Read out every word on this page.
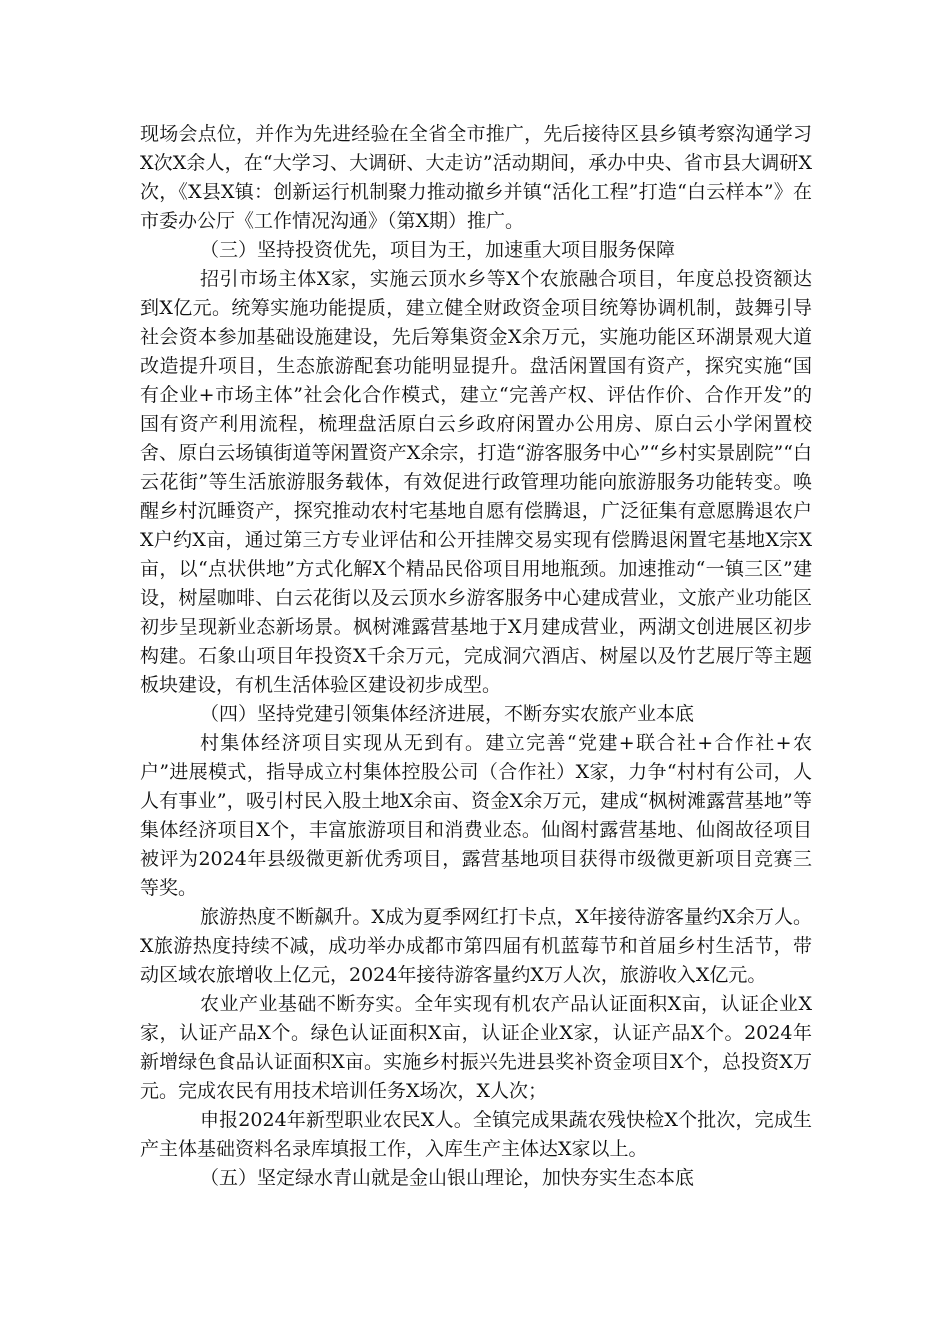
现场会点位，并作为先进经验在全省全市推广，先后接待区县乡镇考察沟通学习X次X余人，在“大学习、大调研、大走访”活动期间，承办中央、省市县大调研X次，《X县X镇：创新运行机制聚力推动撤乡并镇“活化工程”打造“白云样本”》在市委办公厅《工作情况沟通》（第X期）推广。

（三）坚持投资优先，项目为王，加速重大项目服务保障

招引市场主体X家，实施云顶水乡等X个农旅融合项目，年度总投资额达到X亿元。统筹实施功能提质，建立健全财政资金项目统筹协调机制，鼓舞引导社会资本参加基础设施建设，先后筹集资金X余万元，实施功能区环湖景观大道改造提升项目，生态旅游配套功能明显提升。盘活闲置国有资产，探究实施“国有企业+市场主体”社会化合作模式，建立“完善产权、评估作价、合作开发”的国有资产利用流程，梳理盘活原白云乡政府闲置办公用房、原白云小学闲置校舍、原白云场镇街道等闲置资产X余宗，打造“游客服务中心”“乡村实景剧院”“白云花街”等生活旅游服务载体，有效促进行政管理功能向旅游服务功能转变。唤醒乡村沉睡资产，探究推动农村宅基地自愿有偿腾退，广泛征集有意愿腾退农户X户约X亩，通过第三方专业评估和公开挂牌交易实现有偿腾退闲置宅基地X宗X亩，以“点状供地”方式化解X个精品民俗项目用地瓶颈。加速推动“一镇三区”建设，树屋咖啡、白云花街以及云顶水乡游客服务中心建成营业，文旅产业功能区初步呈现新业态新场景。枫树滩露营基地于X月建成营业，两湖文创进展区初步构建。石象山项目年投资X千余万元，完成洞穴酒店、树屋以及竹艺展厅等主题板块建设，有机生活体验区建设初步成型。

（四）坚持党建引领集体经济进展，不断夯实农旅产业本底

村集体经济项目实现从无到有。建立完善“党建+联合社+合作社+农户”进展模式，指导成立村集体控股公司（合作社）X家，力争“村村有公司，人人有事业”，吸引村民入股土地X余亩、资金X余万元，建成“枫树滩露营基地”等集体经济项目X个，丰富旅游项目和消费业态。仙阁村露营基地、仙阁故径项目被评为2024年县级微更新优秀项目，露营基地项目获得市级微更新项目竞赛三等奖。

旅游热度不断飙升。X成为夏季网红打卡点，X年接待游客量约X余万人。X旅游热度持续不减，成功举办成都市第四届有机蓝莓节和首届乡村生活节，带动区域农旅增收上亿元，2024年接待游客量约X万人次，旅游收入X亿元。

农业产业基础不断夯实。全年实现有机农产品认证面积X亩，认证企业X家，认证产品X个。绿色认证面积X亩，认证企业X家，认证产品X个。2024年新增绿色食品认证面积X亩。实施乡村振兴先进县奖补资金项目X个，总投资X万元。完成农民有用技术培训任务X场次，X人次；

申报2024年新型职业农民X人。全镇完成果蔬农残快检X个批次，完成生产主体基础资料名录库填报工作，入库生产主体达X家以上。

（五）坚定绿水青山就是金山银山理论，加快夯实生态本底
